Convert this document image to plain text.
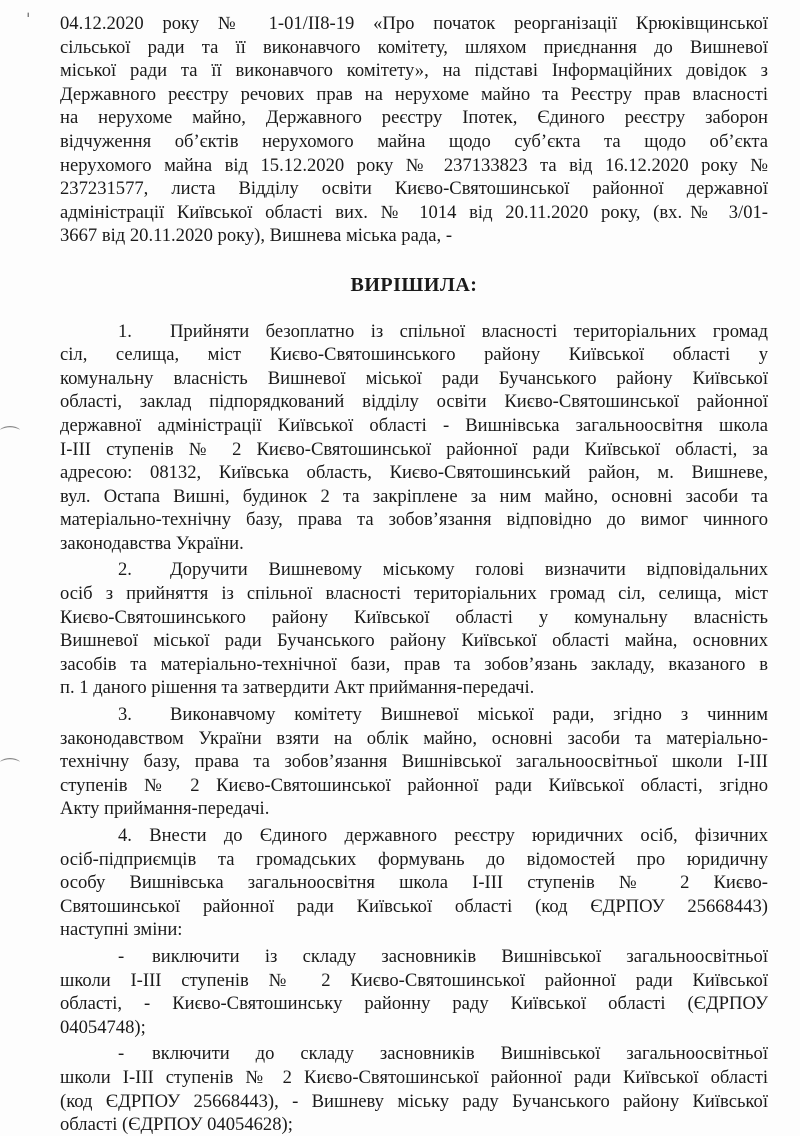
ˈ
⌒
⌒
04.12.2020 року № 1-01/ІІ8-19 «Про початок реорганізації Крюківщинської
сільської ради та її виконавчого комітету, шляхом приєднання до Вишневої
міської ради та її виконавчого комітету», на підставі Інформаційних довідок з
Державного реєстру речових прав на нерухоме майно та Реєстру прав власності
на нерухоме майно, Державного реєстру Іпотек, Єдиного реєстру заборон
відчуження об’єктів нерухомого майна щодо суб’єкта та щодо об’єкта
нерухомого майна від 15.12.2020 року № 237133823 та від 16.12.2020 року №
237231577, листа Відділу освіти Києво-Святошинської районної державної
адміністрації Київської області вих. № 1014 від 20.11.2020 року, (вх.№ 3/01-
3667 від 20.11.2020 року), Вишнева міська рада, -
ВИРІШИЛА:
1. Прийняти безоплатно із спільної власності територіальних громад
сіл, селища, міст Києво-Святошинського району Київської області у
комунальну власність Вишневої міської ради Бучанського району Київської
області, заклад підпорядкований відділу освіти Києво-Святошинської районної
державної адміністрації Київської області - Вишнівська загальноосвітня школа
І-ІІІ ступенів № 2 Києво-Святошинської районної ради Київської області, за
адресою: 08132, Київська область, Києво-Святошинський район, м. Вишневе,
вул. Остапа Вишні, будинок 2 та закріплене за ним майно, основні засоби та
матеріально-технічну базу, права та зобов’язання відповідно до вимог чинного
законодавства України.
2. Доручити Вишневому міському голові визначити відповідальних
осіб з прийняття із спільної власності територіальних громад сіл, селища, міст
Києво-Святошинського району Київської області у комунальну власність
Вишневої міської ради Бучанського району Київської області майна, основних
засобів та матеріально-технічної бази, прав та зобов’язань закладу, вказаного в
п. 1 даного рішення та затвердити Акт приймання-передачі.
3. Виконавчому комітету Вишневої міської ради, згідно з чинним
законодавством України взяти на облік майно, основні засоби та матеріально-
технічну базу, права та зобов’язання Вишнівської загальноосвітньої школи І-ІІІ
ступенів № 2 Києво-Святошинської районної ради Київської області, згідно
Акту приймання-передачі.
4. Внести до Єдиного державного реєстру юридичних осіб, фізичних
осіб-підприємців та громадських формувань до відомостей про юридичну
особу Вишнівська загальноосвітня школа І-ІІІ ступенів № 2 Києво-
Святошинської районної ради Київської області (код ЄДРПОУ 25668443)
наступні зміни:
- виключити із складу засновників Вишнівської загальноосвітньої
школи І-ІІІ ступенів № 2 Києво-Святошинської районної ради Київської
області, - Києво-Святошинську районну раду Київської області (ЄДРПОУ
04054748);
- включити до складу засновників Вишнівської загальноосвітньої
школи І-ІІІ ступенів № 2 Києво-Святошинської районної ради Київської області
(код ЄДРПОУ 25668443), - Вишневу міську раду Бучанського району Київської
області (ЄДРПОУ 04054628);
